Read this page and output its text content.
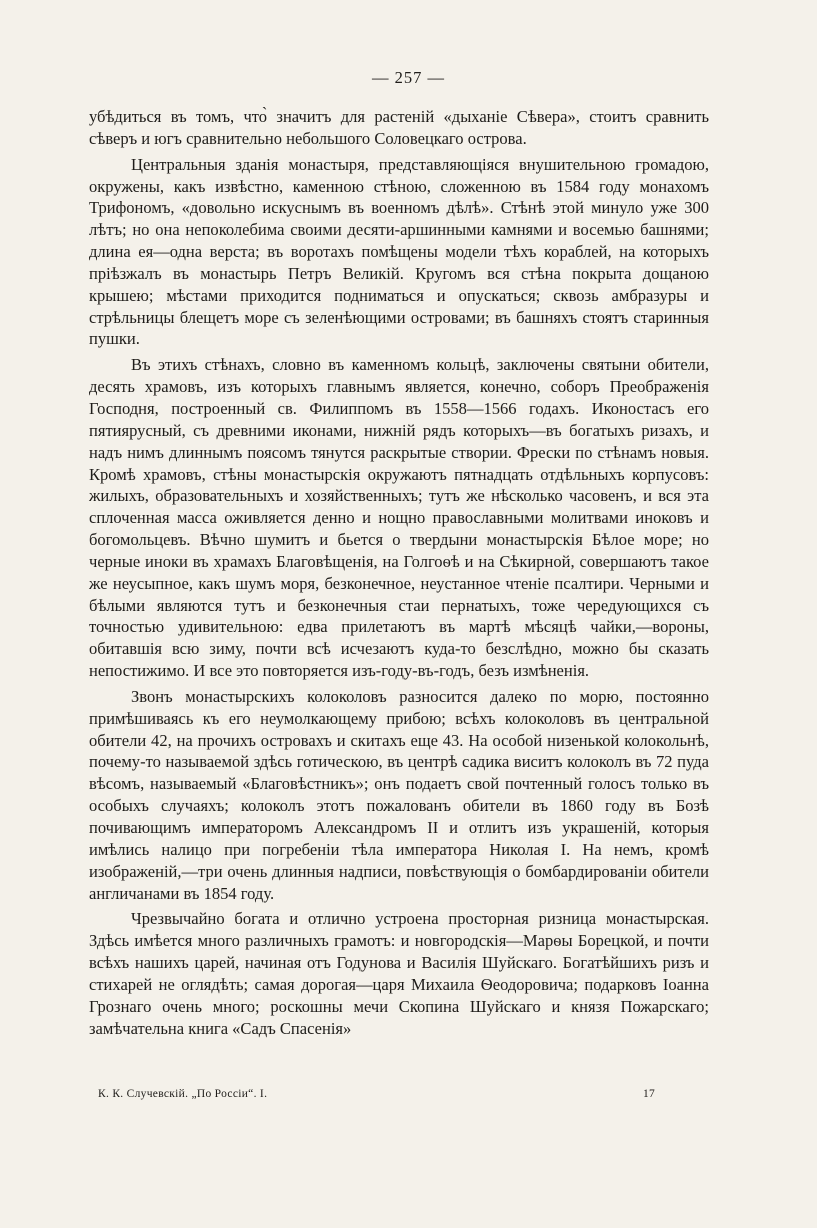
— 257 —

убѣдиться въ томъ, что̀ значитъ для растеній «дыханіе Сѣвера», стоитъ сравнить сѣверъ и югъ сравнительно небольшого Соловецкаго острова.

Центральныя зданія монастыря, представляющіяся внушительною громадою, окружены, какъ извѣстно, каменною стѣною, сложенною въ 1584 году монахомъ Трифономъ, «довольно искуснымъ въ военномъ дѣлѣ». Стѣнѣ этой минуло уже 300 лѣтъ; но она непоколебима своими десяти-аршинными камнями и восемью башнями; длина ея—одна верста; въ воротахъ помѣщены модели тѣхъ кораблей, на которыхъ пріѣзжалъ въ монастырь Петръ Великій. Кругомъ вся стѣна покрыта дощаною крышею; мѣстами приходится подниматься и опускаться; сквозь амбразуры и стрѣльницы блещетъ море съ зеленѣющими островами; въ башняхъ стоятъ старинныя пушки.

Въ этихъ стѣнахъ, словно въ каменномъ кольцѣ, заключены святыни обители, десять храмовъ, изъ которыхъ главнымъ является, конечно, соборъ Преображенія Господня, построенный св. Филиппомъ въ 1558—1566 годахъ. Иконостасъ его пятиярусный, съ древними иконами, нижній рядъ которыхъ—въ богатыхъ ризахъ, и надъ нимъ длиннымъ поясомъ тянутся раскрытые створии. Фрески по стѣнамъ новыя. Кромѣ храмовъ, стѣны монастырскія окружаютъ пятнадцать отдѣльныхъ корпусовъ: жилыхъ, образовательныхъ и хозяйственныхъ; тутъ же нѣсколько часовенъ, и вся эта сплоченная масса оживляется денно и нощно православными молитвами иноковъ и богомольцевъ. Вѣчно шумитъ и бьется о твердыни монастырскія Бѣлое море; но черные иноки въ храмахъ Благовѣщенія, на Голгоѳѣ и на Сѣкирной, совершаютъ такое же неусыпное, какъ шумъ моря, безконечное, неустанное чтеніе псалтири. Черными и бѣлыми являются тутъ и безконечныя стаи пернатыхъ, тоже чередующихся съ точностью удивительною: едва прилетаютъ въ мартѣ мѣсяцѣ чайки,—вороны, обитавшія всю зиму, почти всѣ исчезаютъ куда-то безслѣдно, можно бы сказать непостижимо. И все это повторяется изъ-году-въ-годъ, безъ измѣненія.

Звонъ монастырскихъ колоколовъ разносится далеко по морю, постоянно примѣшиваясь къ его неумолкающему прибою; всѣхъ колоколовъ въ центральной обители 42, на прочихъ островахъ и скитахъ еще 43. На особой низенькой колокольнѣ, почему-то называемой здѣсь готическою, въ центрѣ садика виситъ колоколъ въ 72 пуда вѣсомъ, называемый «Благовѣстникъ»; онъ подаетъ свой почтенный голосъ только въ особыхъ случаяхъ; колоколъ этотъ пожалованъ обители въ 1860 году въ Бозѣ почивающимъ императоромъ Александромъ II и отлитъ изъ украшеній, которыя имѣлись налицо при погребеніи тѣла императора Николая I. На немъ, кромѣ изображеній,—три очень длинныя надписи, повѣствующія о бомбардированіи обители англичанами въ 1854 году.

Чрезвычайно богата и отлично устроена просторная ризница монастырская. Здѣсь имѣется много различныхъ грамотъ: и новгородскія—Марѳы Борецкой, и почти всѣхъ нашихъ царей, начиная отъ Годунова и Василія Шуйскаго. Богатѣйшихъ ризъ и стихарей не оглядѣть; самая дорогая—царя Михаила Ѳеодоровича; подарковъ Іоанна Грознаго очень много; роскошны мечи Скопина Шуйскаго и князя Пожарскаго; замѣчательна книга «Садъ Спасенія»

К. К. Случевскій. „По Россіи“. I.	17
